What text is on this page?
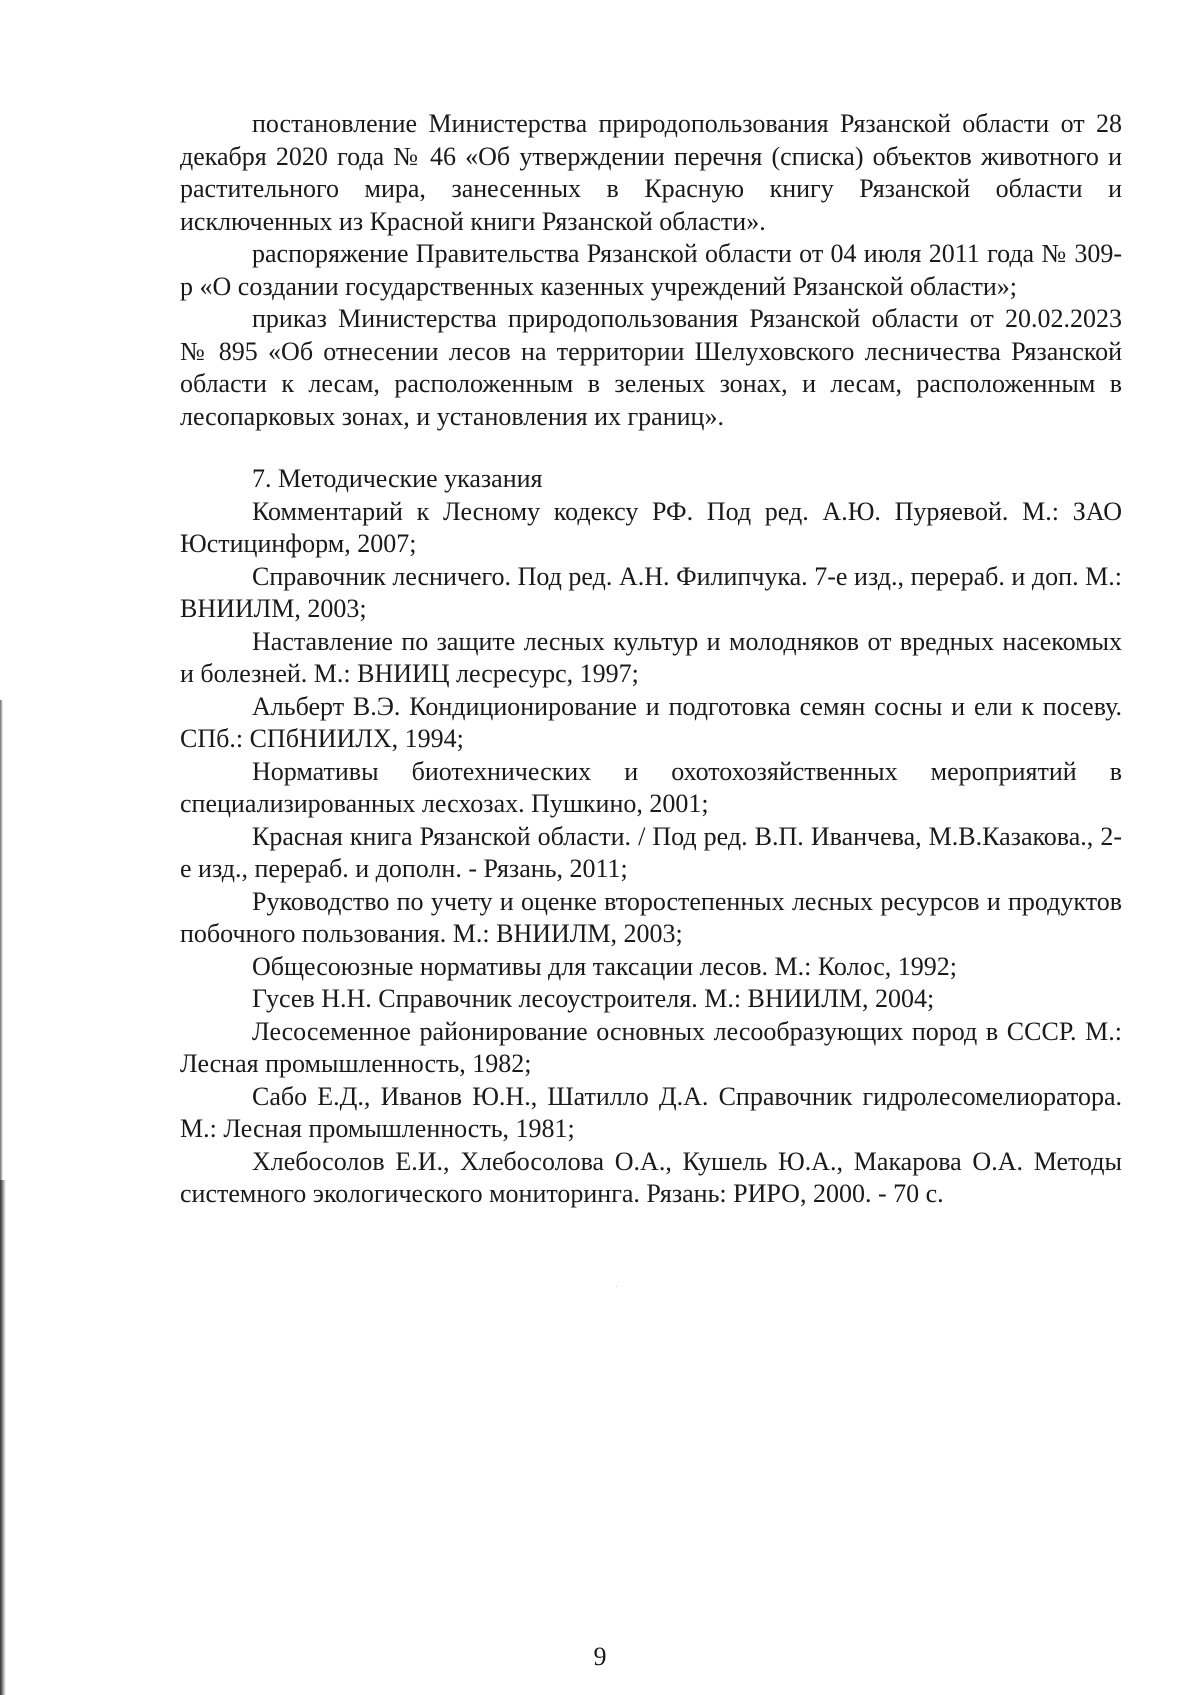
постановление Министерства природопользования Рязанской области от 28 декабря 2020 года № 46 «Об утверждении перечня (списка) объектов животного и растительного мира, занесенных в Красную книгу Рязанской области и исключенных из Красной книги Рязанской области».

распоряжение Правительства Рязанской области от 04 июля 2011 года № 309-р «О создании государственных казенных учреждений Рязанской области»;

приказ Министерства природопользования Рязанской области от 20.02.2023 № 895 «Об отнесении лесов на территории Шелуховского лесничества Рязанской области к лесам, расположенным в зеленых зонах, и лесам, расположенным в лесопарковых зонах, и установления их границ».

7. Методические указания

Комментарий к Лесному кодексу РФ. Под ред. А.Ю. Пуряевой. М.: ЗАО Юстицинформ, 2007;

Справочник лесничего. Под ред. А.Н. Филипчука. 7-е изд., перераб. и доп. М.: ВНИИЛМ, 2003;

Наставление по защите лесных культур и молодняков от вредных насекомых и болезней. М.: ВНИИЦ лесресурс, 1997;

Альберт В.Э. Кондиционирование и подготовка семян сосны и ели к посеву. СПб.: СПбНИИЛХ, 1994;

Нормативы биотехнических и охотохозяйственных мероприятий в специализированных лесхозах. Пушкино, 2001;

Красная книга Рязанской области. / Под ред. В.П. Иванчева, М.В.Казакова., 2-е изд., перераб. и дополн. - Рязань, 2011;

Руководство по учету и оценке второстепенных лесных ресурсов и продуктов побочного пользования. М.: ВНИИЛМ, 2003;

Общесоюзные нормативы для таксации лесов. М.: Колос, 1992;

Гусев Н.Н. Справочник лесоустроителя. М.: ВНИИЛМ, 2004;

Лесосеменное районирование основных лесообразующих пород в СССР. М.: Лесная промышленность, 1982;

Сабо Е.Д., Иванов Ю.Н., Шатилло Д.А. Справочник гидролесомелиоратора. М.: Лесная промышленность, 1981;

Хлебосолов Е.И., Хлебосолова О.А., Кушель Ю.А., Макарова О.А. Методы системного экологического мониторинга. Рязань: РИРО, 2000. - 70 с.

9
